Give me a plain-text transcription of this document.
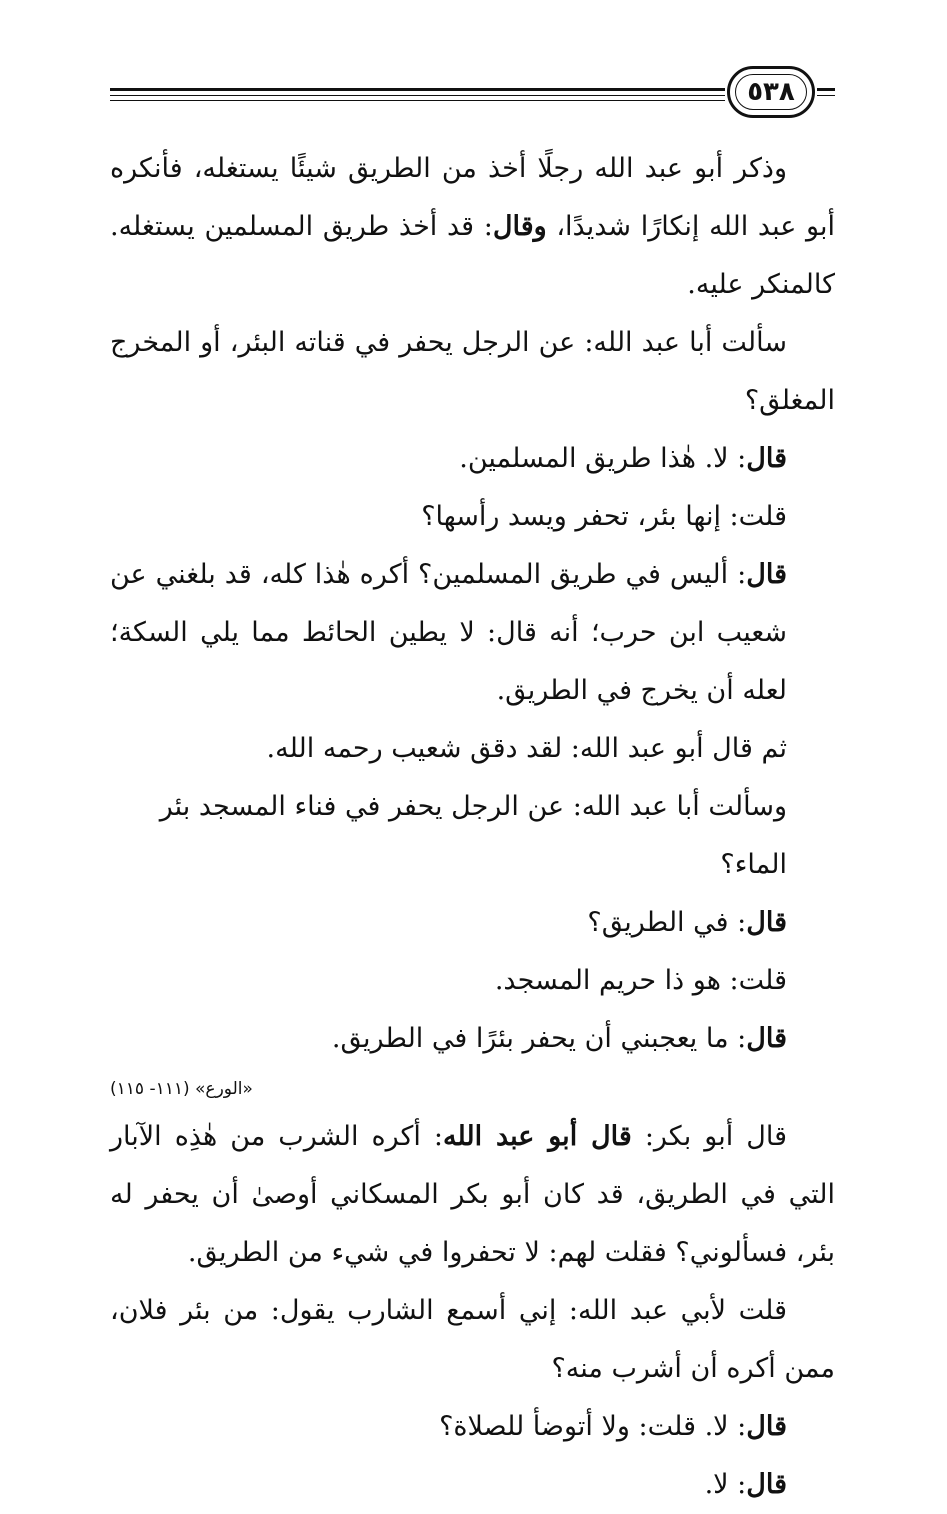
٥٣٨

وذكر أبو عبد الله رجلًا أخذ من الطريق شيئًا يستغله، فأنكره أبو عبد الله إنكارًا شديدًا، وقال: قد أخذ طريق المسلمين يستغله. كالمنكر عليه.

سألت أبا عبد الله: عن الرجل يحفر في قناته البئر، أو المخرج المغلق؟

قال: لا. هٰذا طريق المسلمين.

قلت: إنها بئر، تحفر ويسد رأسها؟

قال: أليس في طريق المسلمين؟ أكره هٰذا كله، قد بلغني عن شعيب ابن حرب؛ أنه قال: لا يطين الحائط مما يلي السكة؛ لعله أن يخرج في الطريق.

ثم قال أبو عبد الله: لقد دقق شعيب رحمه الله.

وسألت أبا عبد الله: عن الرجل يحفر في فناء المسجد بئر الماء؟

قال: في الطريق؟

قلت: هو ذا حريم المسجد.

قال: ما يعجبني أن يحفر بئرًا في الطريق.

«الورع» (١١١- ١١٥)

قال أبو بكر: قال أبو عبد الله: أكره الشرب من هٰذِه الآبار التي في الطريق، قد كان أبو بكر المسكاني أوصىٰ أن يحفر له بئر، فسألوني؟ فقلت لهم: لا تحفروا في شيء من الطريق.

قلت لأبي عبد الله: إني أسمع الشارب يقول: من بئر فلان، ممن أكره أن أشرب منه؟

قال: لا. قلت: ولا أتوضأ للصلاة؟

قال: لا.
